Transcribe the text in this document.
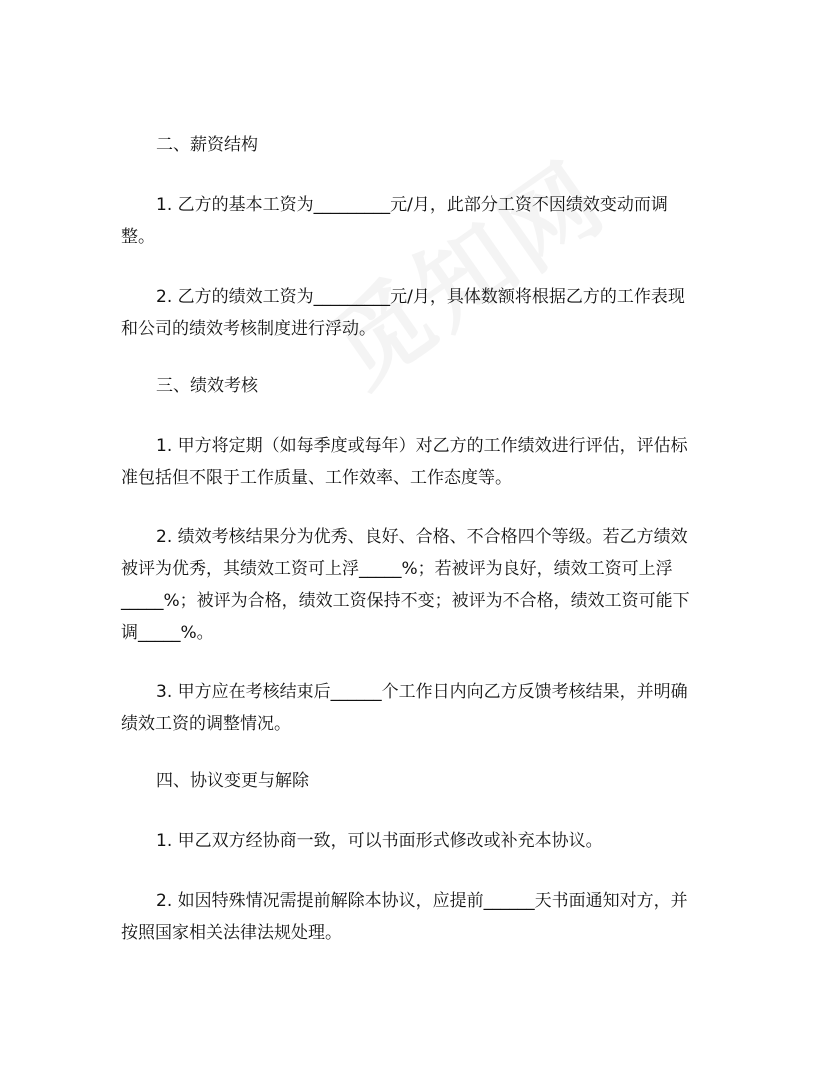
二、薪资结构
1. 乙方的基本工资为_________元/月，此部分工资不因绩效变动而调
整。
2. 乙方的绩效工资为_________元/月，具体数额将根据乙方的工作表现
和公司的绩效考核制度进行浮动。
三、绩效考核
1. 甲方将定期（如每季度或每年）对乙方的工作绩效进行评估，评估标
准包括但不限于工作质量、工作效率、工作态度等。
2. 绩效考核结果分为优秀、良好、合格、不合格四个等级。若乙方绩效
被评为优秀，其绩效工资可上浮_____%；若被评为良好，绩效工资可上浮
_____%；被评为合格，绩效工资保持不变；被评为不合格，绩效工资可能下
调_____%。
3. 甲方应在考核结束后______个工作日内向乙方反馈考核结果，并明确
绩效工资的调整情况。
四、协议变更与解除
1. 甲乙双方经协商一致，可以书面形式修改或补充本协议。
2. 如因特殊情况需提前解除本协议，应提前______天书面通知对方，并
按照国家相关法律法规处理。
